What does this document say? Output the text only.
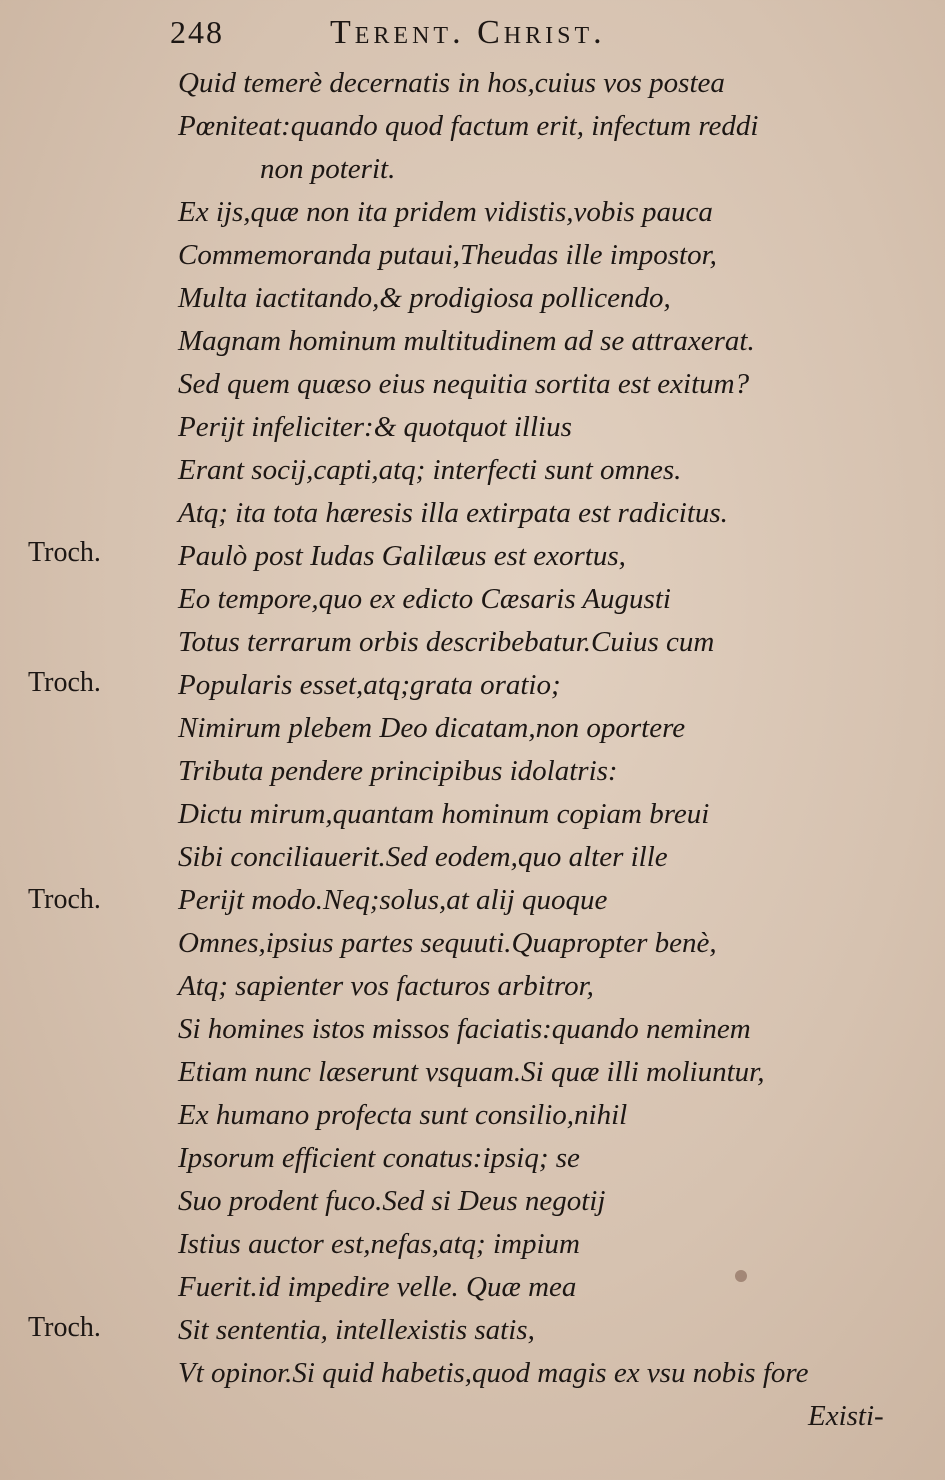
248	Terent. Christ.
Quid temerè decernatis in hos,cuius vos postea
Pœniteat:quando quod factum erit, infectum reddi
non poterit.
Ex ijs,quæ non ita pridem vidistis,vobis pauca
Commemoranda putaui,Theudas ille impostor,
Multa iactitando,& prodigiosa pollicendo,
Magnam hominum multitudinem ad se attraxerat.
Sed quem quæso eius nequitia sortita est exitum?
Perijt infeliciter:& quotquot illius
Erant socij,capti,atq; interfecti sunt omnes.
Atq; ita tota hæresis illa extirpata est radicitus.
Paulò post Iudas Galilæus est exortus,
Eo tempore,quo ex edicto Cæsaris Augusti
Totus terrarum orbis describebatur.Cuius cum
Popularis esset,atq;grata oratio;
Nimirum plebem Deo dicatam,non oportere
Tributa pendere principibus idolatris:
Dictu mirum,quantam hominum copiam breui
Sibi conciliauerit.Sed eodem,quo alter ille
Perijt modo.Neq;solus,at alij quoque
Omnes,ipsius partes sequuti.Quapropter benè,
Atq; sapienter vos facturos arbitror,
Si homines istos missos faciatis:quando neminem
Etiam nunc læserunt vsquam.Si quæ illi moliuntur,
Ex humano profecta sunt consilio,nihil
Ipsorum efficient conatus:ipsiq; se
Suo prodent fuco.Sed si Deus negotij
Istius auctor est,nefas,atq; impium
Fuerit.id impedire velle. Quæ mea
Sit sententia, intellexistis satis,
Vt opinor.Si quid habetis,quod magis ex vsu nobis fore
Existi-
Troch.
Troch.
Troch.
Troch.
